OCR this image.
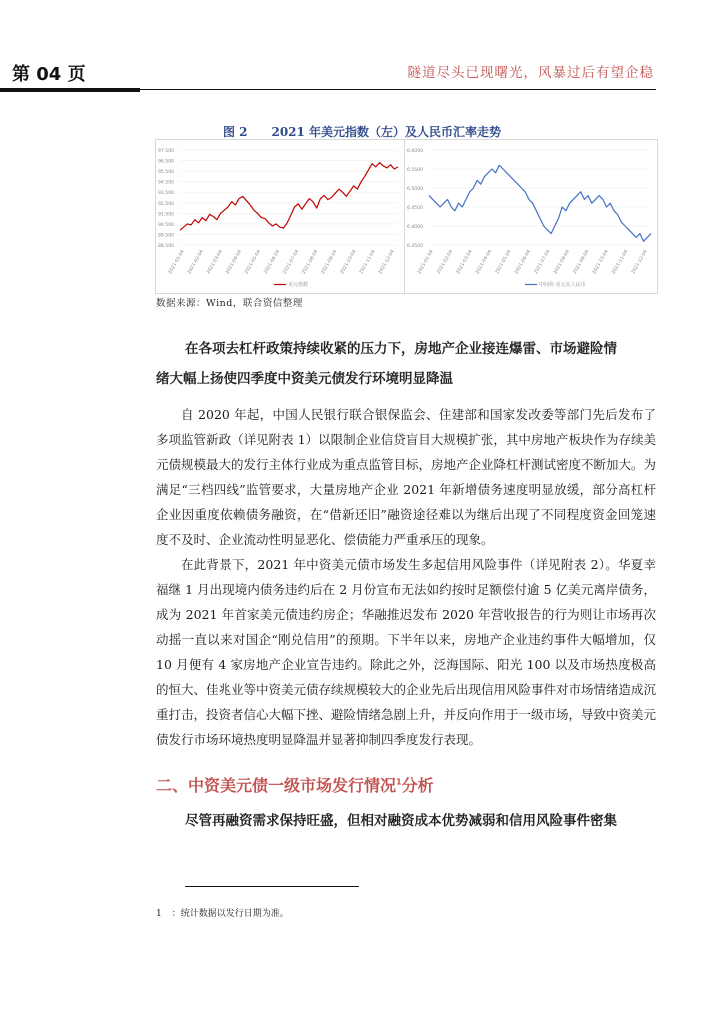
第 04 页	隧道尽头已现曙光，风暴过后有望企稳
图 2　　2021 年美元指数（左）及人民币汇率走势
97.500
96.500
95.500
94.500
93.500
92.500
91.500
90.500
89.500
88.500
2021-01-04 2021-02-04 2021-03-04 2021-04-04 2021-05-04 2021-06-04 2021-07-04 2021-08-04 2021-09-04 2021-10-04 2021-11-04 2021-12-04
美元指数
6.6000
6.5500
6.5000
6.4500
6.4000
6.3500
2021-01-04 2021-02-04 2021-03-04 2021-04-04 2021-05-04 2021-06-04 2021-07-04 2021-08-04 2021-09-04 2021-10-04 2021-11-04 2021-12-04
中间价:美元兑人民币
数据来源：Wind，联合资信整理
在各项去杠杆政策持续收紧的压力下，房地产企业接连爆雷、市场避险情
绪大幅上扬使四季度中资美元债发行环境明显降温
自 2020 年起，中国人民银行联合银保监会、住建部和国家发改委等部门先后发布了多项监管新政（详见附表 1）以限制企业信贷盲目大规模扩张，其中房地产板块作为存续美元债规模最大的发行主体行业成为重点监管目标，房地产企业降杠杆测试密度不断加大。为满足“三档四线”监管要求，大量房地产企业 2021 年新增债务速度明显放缓，部分高杠杆企业因重度依赖债务融资，在“借新还旧”融资途径难以为继后出现了不同程度资金回笼速度不及时、企业流动性明显恶化、偿债能力严重承压的现象。
在此背景下，2021 年中资美元债市场发生多起信用风险事件（详见附表 2）。华夏幸福继 1 月出现境内债务违约后在 2 月份宣布无法如约按时足额偿付逾 5 亿美元离岸债务，成为 2021 年首家美元债违约房企；华融推迟发布 2020 年营收报告的行为则让市场再次动摇一直以来对国企“刚兑信用”的预期。下半年以来，房地产企业违约事件大幅增加，仅 10 月便有 4 家房地产企业宣告违约。除此之外，泛海国际、阳光 100 以及市场热度极高的恒大、佳兆业等中资美元债存续规模较大的企业先后出现信用风险事件对市场情绪造成沉重打击，投资者信心大幅下挫、避险情绪急剧上升，并反向作用于一级市场，导致中资美元债发行市场环境热度明显降温并显著抑制四季度发行表现。
二、中资美元债一级市场发行情况$^1$分析
尽管再融资需求保持旺盛，但相对融资成本优势减弱和信用风险事件密集
1 ：统计数据以发行日期为准。
